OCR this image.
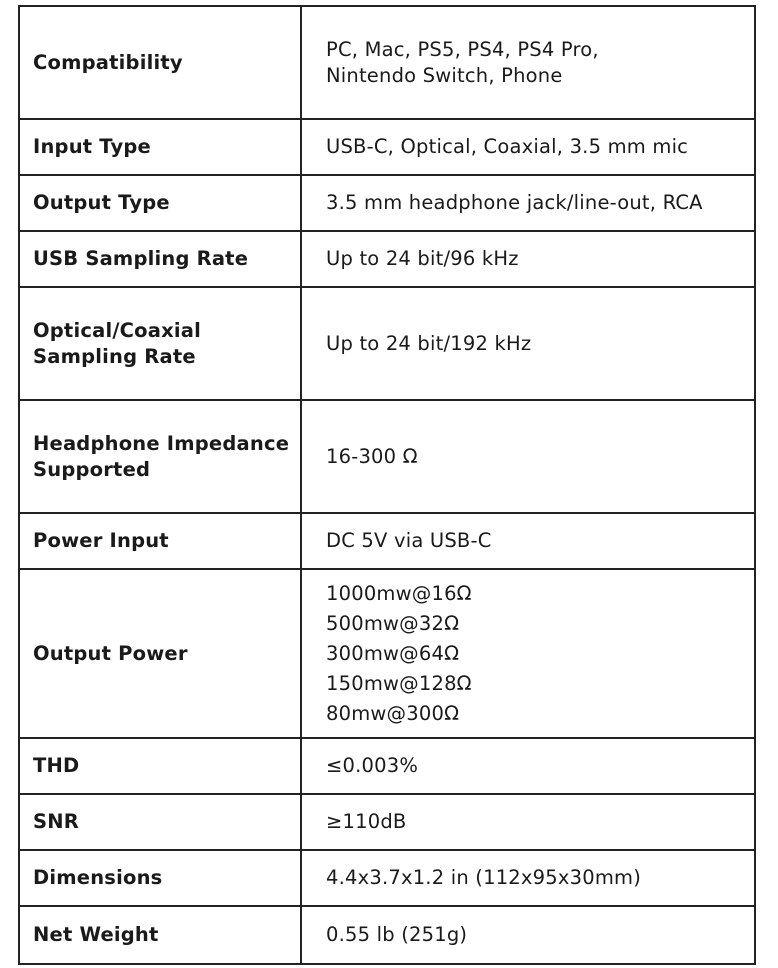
Compatibility	PC, Mac, PS5, PS4, PS4 Pro,
Nintendo Switch, Phone

Input Type	USB-C, Optical, Coaxial, 3.5 mm mic

Output Type	3.5 mm headphone jack/line-out, RCA

USB Sampling Rate	Up to 24 bit/96 kHz

Optical/Coaxial
Sampling Rate	Up to 24 bit/192 kHz

Headphone Impedance
Supported	16-300 Ω

Power Input	DC 5V via USB-C

Output Power	1000mw@16Ω
500mw@32Ω
300mw@64Ω
150mw@128Ω
80mw@300Ω

THD	≤0.003%

SNR	≥110dB

Dimensions	4.4x3.7x1.2 in (112x95x30mm)

Net Weight	0.55 lb (251g)
